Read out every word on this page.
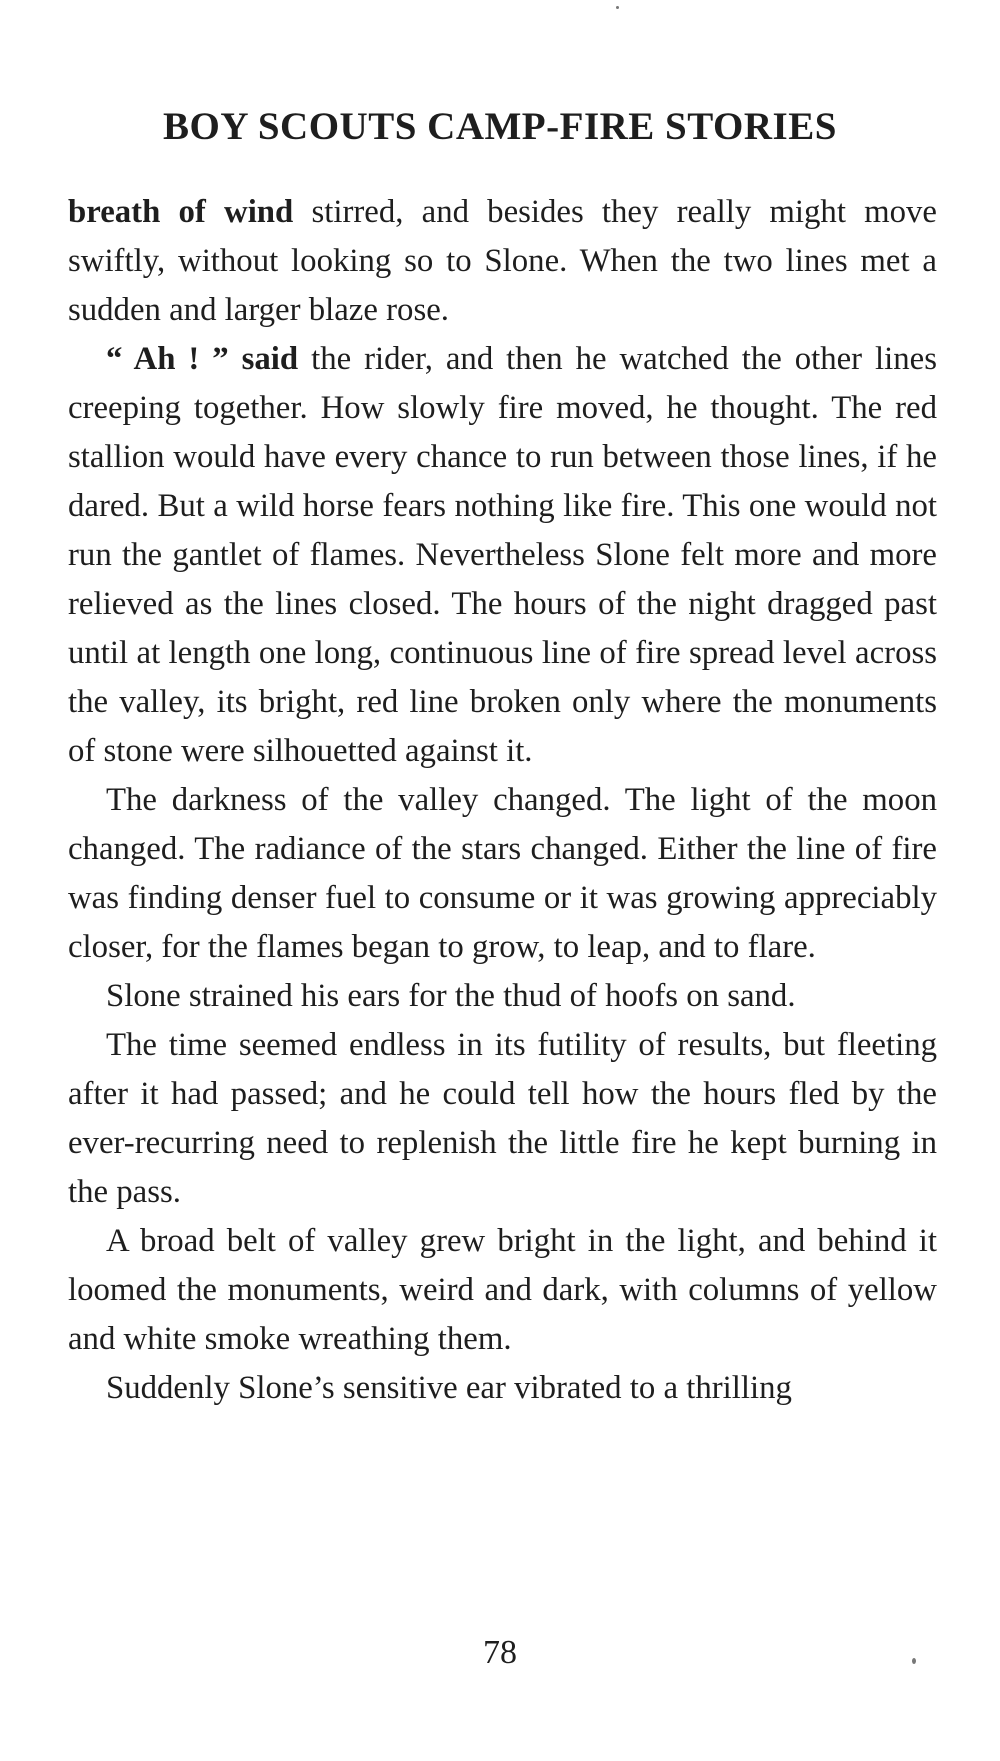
BOY SCOUTS CAMP-FIRE STORIES

breath of wind stirred, and besides they really might move swiftly, without looking so to Slone. When the two lines met a sudden and larger blaze rose.

“ Ah ! ” said the rider, and then he watched the other lines creeping together. How slowly fire moved, he thought. The red stallion would have every chance to run between those lines, if he dared. But a wild horse fears nothing like fire. This one would not run the gantlet of flames. Nevertheless Slone felt more and more relieved as the lines closed. The hours of the night dragged past until at length one long, continuous line of fire spread level across the valley, its bright, red line broken only where the monuments of stone were silhouetted against it.

The darkness of the valley changed. The light of the moon changed. The radiance of the stars changed. Either the line of fire was finding denser fuel to consume or it was growing appreciably closer, for the flames began to grow, to leap, and to flare.

Slone strained his ears for the thud of hoofs on sand.

The time seemed endless in its futility of results, but fleeting after it had passed; and he could tell how the hours fled by the ever-recurring need to replenish the little fire he kept burning in the pass.

A broad belt of valley grew bright in the light, and behind it loomed the monuments, weird and dark, with columns of yellow and white smoke wreathing them.

Suddenly Slone’s sensitive ear vibrated to a thrilling

78
